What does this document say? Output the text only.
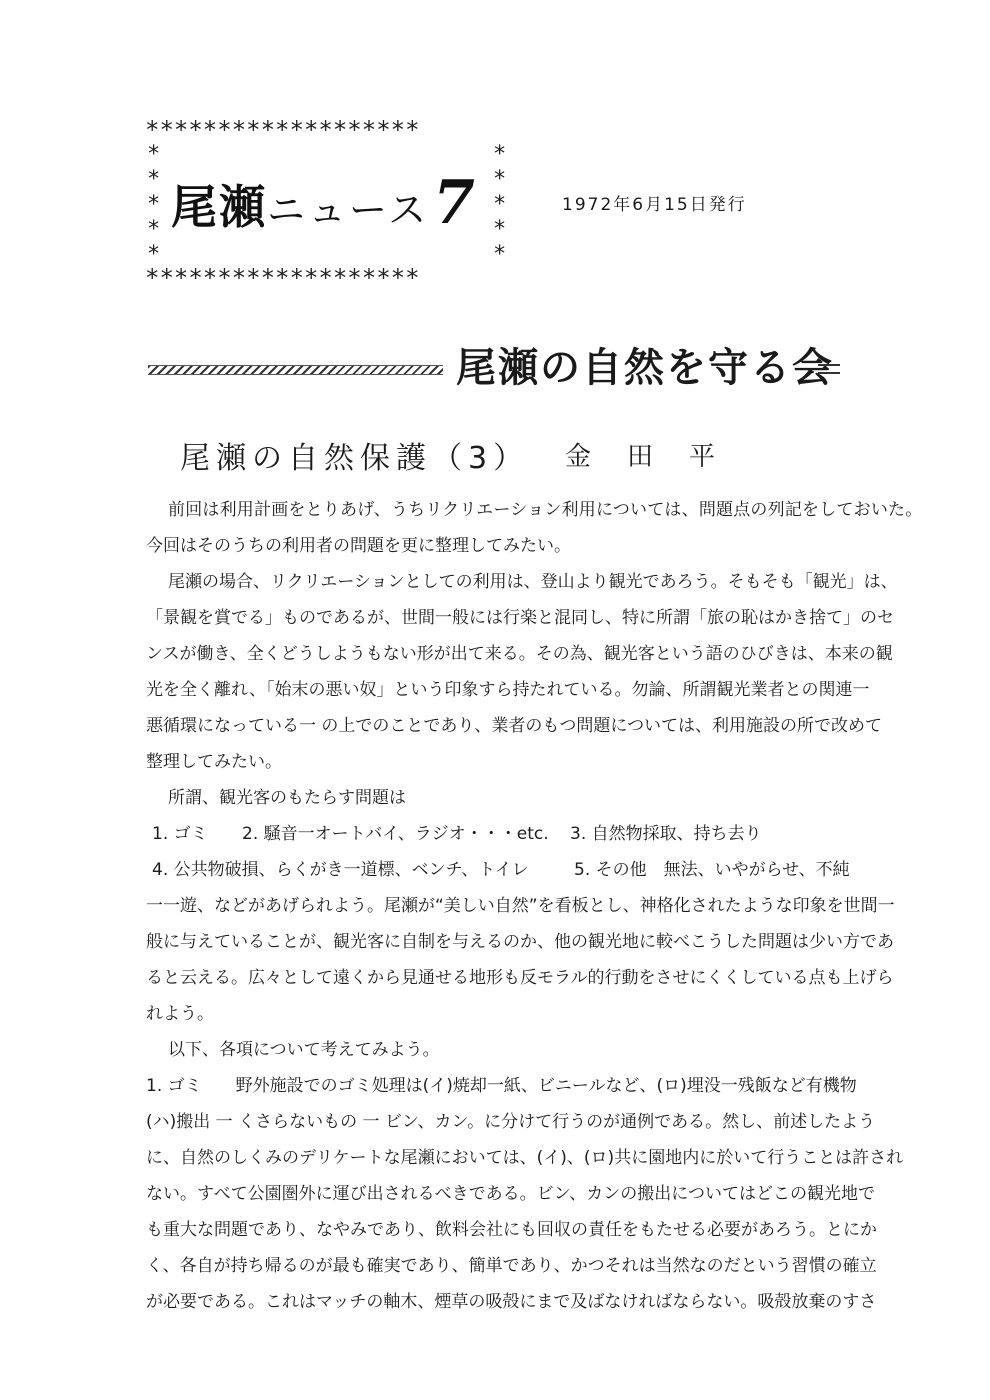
*******************
*
*
*
*
*
*
*
*
*
*
*******************
尾瀬ニュース7	1972年6月15日発行
尾瀬の自然を守る会
尾瀬の自然保護（3） 金田平
前回は利用計画をとりあげ、うちリクリエーション利用については、問題点の列記をしておいた。
今回はそのうちの利用者の問題を更に整理してみたい。
尾瀬の場合、リクリエーションとしての利用は、登山より観光であろう。そもそも「観光」は、
「景観を賞でる」ものであるが、世間一般には行楽と混同し、特に所謂「旅の恥はかき捨て」のセ
ンスが働き、全くどうしようもない形が出て来る。その為、観光客という語のひびきは、本来の観
光を全く離れ、「始末の悪い奴」という印象すら持たれている。勿論、所謂観光業者との関連一
悪循環になっている一 の上でのことであり、業者のもつ問題については、利用施設の所で改めて
整理してみたい。
所謂、観光客のもたらす問題は
1. ゴミ 2. 騒音一オートバイ、ラジオ・・・etc. 3. 自然物採取、持ち去り
4. 公共物破損、らくがき一道標、ベンチ、トイレ	5. その他　無法、いやがらせ、不純
一一遊、などがあげられよう。尾瀬が“美しい自然”を看板とし、神格化されたような印象を世間一
般に与えていることが、観光客に自制を与えるのか、他の観光地に較べこうした問題は少い方であ
ると云える。広々として遠くから見通せる地形も反モラル的行動をさせにくくしている点も上げら
れよう。
以下、各項について考えてみよう。
1. ゴミ　　野外施設でのゴミ処理は(イ)焼却一紙、ビニールなど、(ロ)埋没一残飯など有機物
(ハ)搬出 一 くさらないもの 一 ビン、カン。に分けて行うのが通例である。然し、前述したよう
に、自然のしくみのデリケートな尾瀬においては、(イ)、(ロ)共に園地内に於いて行うことは許され
ない。すべて公園圏外に運び出されるべきである。ビン、カンの搬出についてはどこの観光地で
も重大な問題であり、なやみであり、飲料会社にも回収の責任をもたせる必要があろう。とにか
く、各自が持ち帰るのが最も確実であり、簡単であり、かつそれは当然なのだという習慣の確立
が必要である。これはマッチの軸木、煙草の吸殻にまで及ばなければならない。吸殻放棄のすさ
